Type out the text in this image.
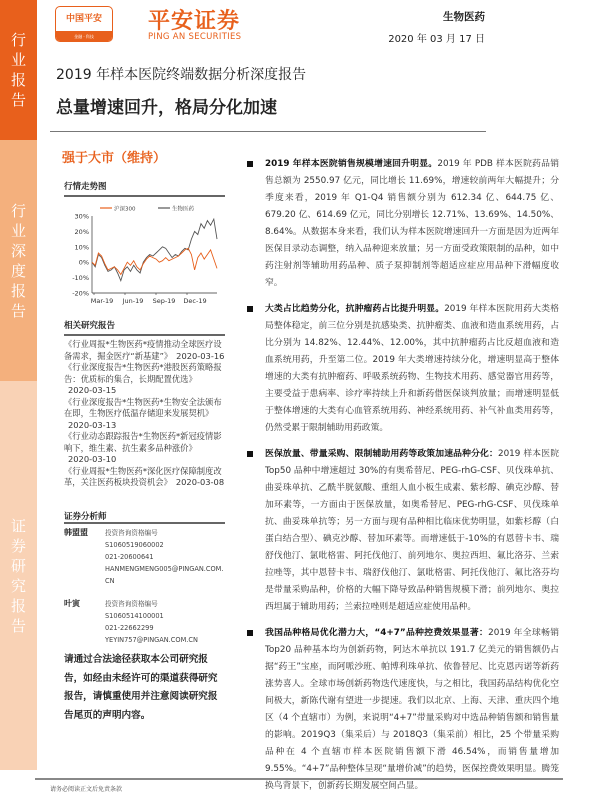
行业报告
行业深度报告
证券研究报告
中国平安
金融 · 科技
平安证券
PING AN SECURITIES
生物医药
2020 年 03 月 17 日
2019 年样本医院终端数据分析深度报告
总量增速回升，格局分化加速
强于大市（维持）
行情走势图
30%
20%
10%
0%
-10%
-20%
Mar-19 Jun-19 Sep-19 Dec-19
沪深300	生物医药
相关研究报告
《行业周报*生物医药*疫情推动全球医疗设备需求，掘金医疗“新基建”》 2020-03-16
《行业深度报告*生物医药*港股医药策略报告：优质标的集合，长期配置优选》2020-03-15
《行业深度报告*生物医药*生物安全法颁布在即，生物医疗低温存储迎来发展契机》2020-03-13
《行业动态跟踪报告*生物医药*新冠疫情影响下，维生素、抗生素多品种涨价》2020-03-10
《行业周报*生物医药*深化医疗保障制度改革，关注医药板块投资机会》 2020-03-08
证券分析师
韩盟盟	投资咨询资格编号
S1060519060002
021-20600641
HANMENGMENG005@PINGAN.COM.CN
叶寅	投资咨询资格编号
S1060514100001
021-22662299
YEYIN757@PINGAN.COM.CN
请通过合法途径获取本公司研究报告，如经由未经许可的渠道获得研究报告，请慎重使用并注意阅读研究报告尾页的声明内容。
2019 年样本医院销售规模增速回升明显。2019 年 PDB 样本医院药品销售总额为 2550.97 亿元，同比增长 11.69%，增速较前两年大幅提升；分季度来看，2019 年 Q1-Q4 销售额分别为 612.34 亿、644.75 亿、679.20 亿、614.69 亿元，同比分别增长 12.71%、13.69%、14.50%、8.64%。从数据本身来看，我们认为样本医院增速回升一方面是因为近两年医保目录动态调整，纳入品种迎来放量；另一方面受政策限制的品种，如中药注射剂等辅助用药品种、质子泵抑制剂等超适应症应用品种下滑幅度收窄。
大类占比趋势分化，抗肿瘤药占比提升明显。2019 年样本医院用药大类格局整体稳定，前三位分别是抗感染类、抗肿瘤类、血液和造血系统用药，占比分别为 14.82%、12.44%、12.00%，其中抗肿瘤药占比反超血液和造血系统用药，升至第二位。2019 年大类增速持续分化，增速明显高于整体增速的大类有抗肿瘤药、呼吸系统药物、生物技术用药、感觉器官用药等，主要受益于患病率、诊疗率持续上升和新药借医保谈判放量；而增速明显低于整体增速的大类有心血管系统用药、神经系统用药、补气补血类用药等，仍然受累于限制辅助用药政策。
医保放量、带量采购、限制辅助用药等政策加速品种分化：2019 样本医院 Top50 品种中增速超过 30%的有奥希替尼、PEG-rhG-CSF、贝伐珠单抗、曲妥珠单抗、乙酰半胱氨酸、重组人血小板生成素、紫杉醇、碘克沙醇、替加环素等，一方面由于医保放量，如奥希替尼、PEG-rhG-CSF、贝伐珠单抗、曲妥珠单抗等；另一方面与现有品种相比临床优势明显，如紫杉醇（白蛋白结合型）、碘克沙醇、替加环素等。而增速低于-10%的有恩替卡韦、瑞舒伐他汀、氯吡格雷、阿托伐他汀、前列地尔、奥拉西坦、氟比洛芬、兰索拉唑等，其中恩替卡韦、瑞舒伐他汀、氯吡格雷、阿托伐他汀、氟比洛芬均是带量采购品种，价格的大幅下降导致品种销售规模下滑；前列地尔、奥拉西坦属于辅助用药；兰索拉唑则是超适应症使用品种。
我国品种格局优化潜力大，“4+7”品种控费效果显著：2019 年全球畅销 Top20 品种基本均为创新药物，阿达木单抗以 191.7 亿美元的销售额仍占据“药王”宝座，而阿哌沙班、帕博利珠单抗、依鲁替尼、比克恩丙诺等新药涨势喜人。全球市场创新药物迭代速度快，与之相比，我国药品结构优化空间极大，新陈代谢有望进一步提速。我们以北京、上海、天津、重庆四个地区（4 个直辖市）为例，来说明“4+7”带量采购对中选品种销售额和销售量的影响。2019Q3（集采后）与 2018Q3（集采前）相比，25 个带量采购品种在 4 个直辖市样本医院销售额下滑 46.54%，而销售量增加 9.55%。“4+7”品种整体呈现“量增价减”的趋势，医保控费效果明显。腾笼换鸟背景下，创新药长期发展空间凸显。
请务必阅读正文后免责条款
